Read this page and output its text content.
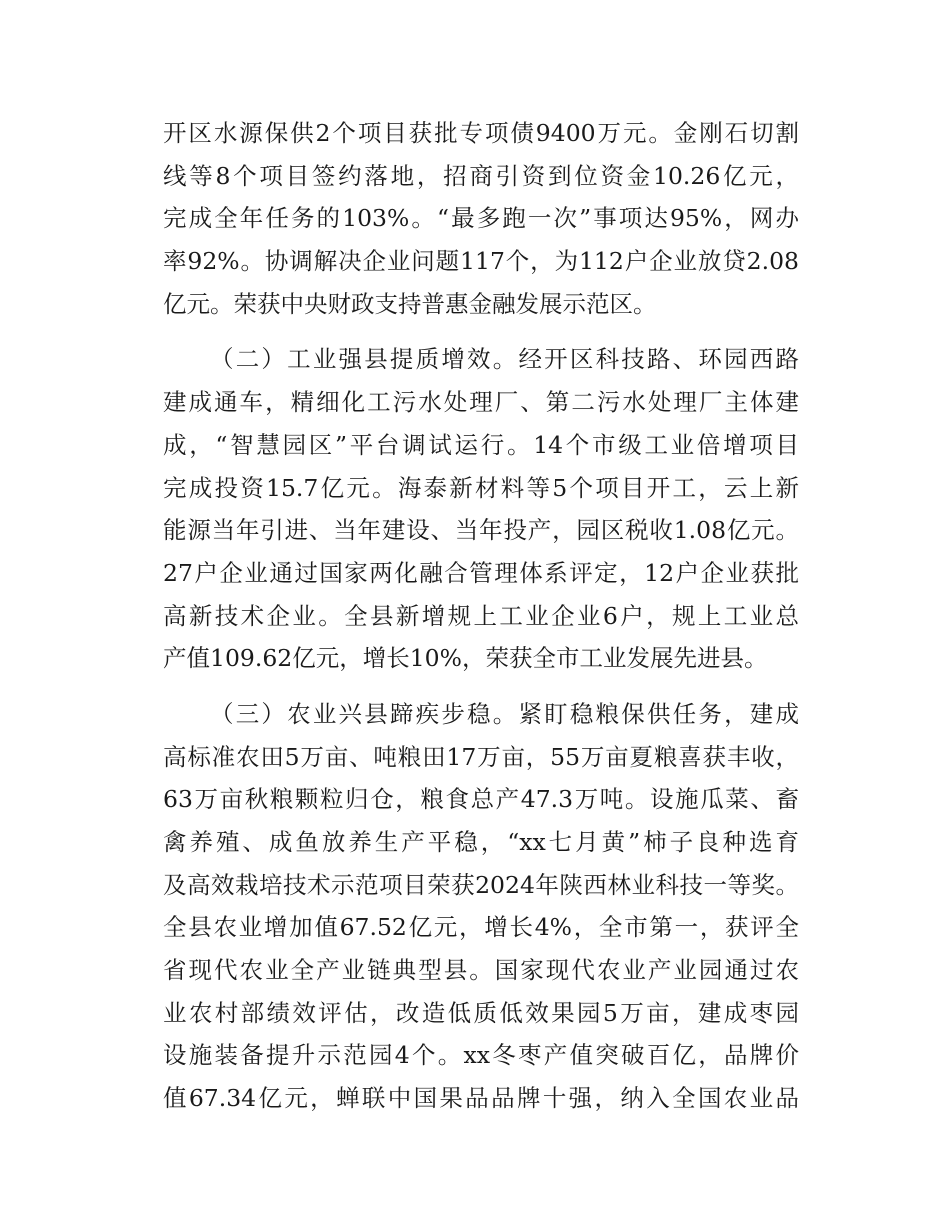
开区水源保供2个项目获批专项债9400万元。金刚石切割
线等8个项目签约落地，招商引资到位资金10.26亿元，
完成全年任务的103%。“最多跑一次”事项达95%，网办
率92%。协调解决企业问题117个，为112户企业放贷2.08
亿元。荣获中央财政支持普惠金融发展示范区。
（二）工业强县提质增效。经开区科技路、环园西路
建成通车，精细化工污水处理厂、第二污水处理厂主体建
成，“智慧园区”平台调试运行。14个市级工业倍增项目
完成投资15.7亿元。海泰新材料等5个项目开工，云上新
能源当年引进、当年建设、当年投产，园区税收1.08亿元。
27户企业通过国家两化融合管理体系评定，12户企业获批
高新技术企业。全县新增规上工业企业6户，规上工业总
产值109.62亿元，增长10%，荣获全市工业发展先进县。
（三）农业兴县蹄疾步稳。紧盯稳粮保供任务，建成
高标准农田5万亩、吨粮田17万亩，55万亩夏粮喜获丰收，
63万亩秋粮颗粒归仓，粮食总产47.3万吨。设施瓜菜、畜
禽养殖、成鱼放养生产平稳，“xx七月黄”柿子良种选育
及高效栽培技术示范项目荣获2024年陕西林业科技一等奖。
全县农业增加值67.52亿元，增长4%，全市第一，获评全
省现代农业全产业链典型县。国家现代农业产业园通过农
业农村部绩效评估，改造低质低效果园5万亩，建成枣园
设施装备提升示范园4个。xx冬枣产值突破百亿，品牌价
值67.34亿元，蝉联中国果品品牌十强，纳入全国农业品
